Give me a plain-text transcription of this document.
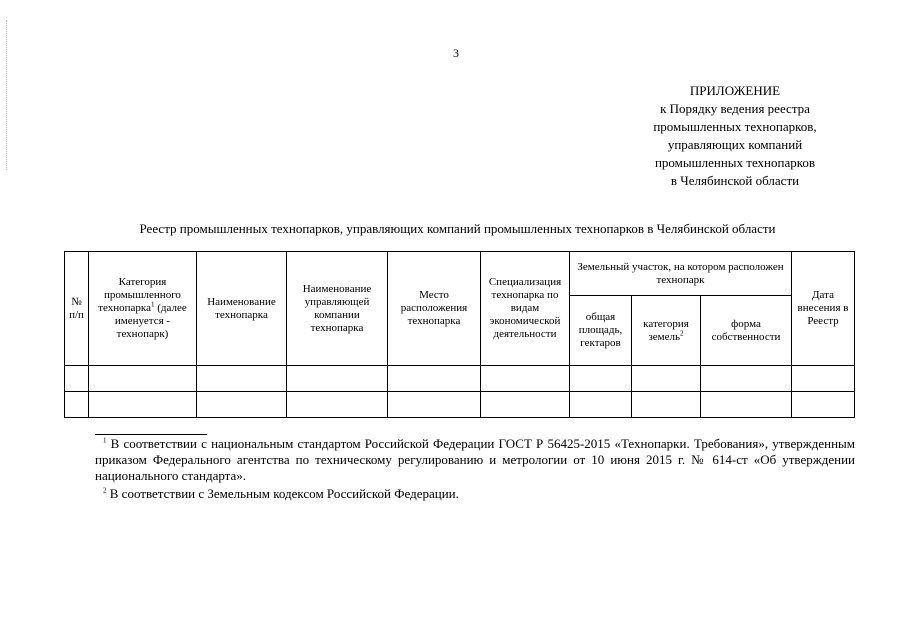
3
ПРИЛОЖЕНИЕ
к Порядку ведения реестра
промышленных технопарков,
управляющих компаний
промышленных технопарков
в Челябинской области
Реестр промышленных технопарков, управляющих компаний промышленных технопарков в Челябинской области
№ п/п	Категория промышленного технопарка$^1$ (далее именуется - технопарк)	Наименование технопарка	Наименование управляющей компании технопарка	Место расположения технопарка	Специализация технопарка по видам экономической деятельности	Земельный участок, на котором расположен технопарк			Дата внесения в Реестр
						общая площадь, гектаров	категория земель$^2$	форма собственности	

$^1$ В соответствии с национальным стандартом Российской Федерации ГОСТ Р 56425-2015 «Технопарки. Требования», утвержденным приказом Федерального агентства по техническому регулированию и метрологии от 10 июня 2015 г. № 614-ст «Об утверждении национального стандарта».

$^2$ В соответствии с Земельным кодексом Российской Федерации.
